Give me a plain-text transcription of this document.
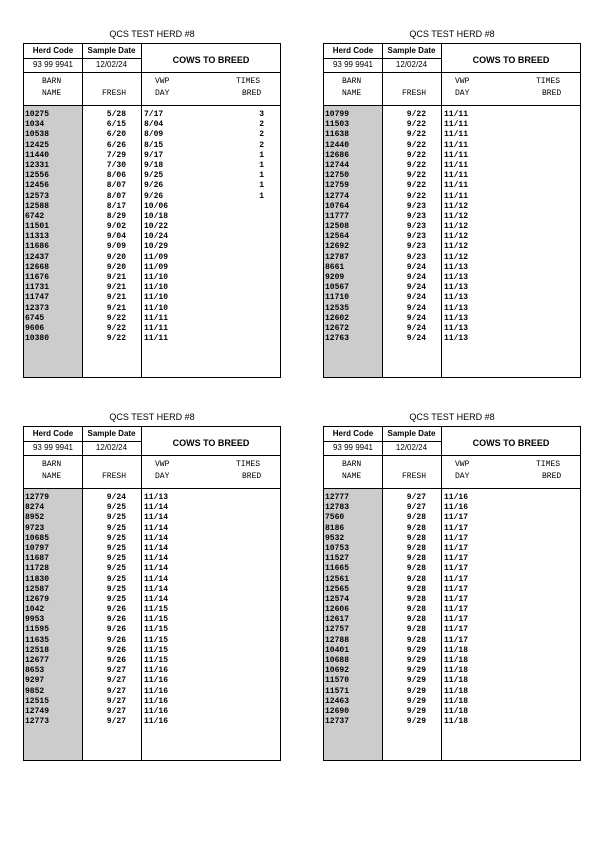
QCS TEST HERD #8
Herd Code	Sample Date
93 99 9941	12/02/24	COWS TO BREED
BARN
NAME	FRESH
VWP
DAY
TIMES
BRED
10275	5/28 7/17	3
1034	6/15 8/04	2
10538	6/20 8/09	2
12425	6/26 8/15	2
11440	7/29 9/17	1
12331	7/30 9/18	1
12556	8/06 9/25	1
12456	8/07 9/26	1
12573	8/07 9/26	1
12588	8/17 10/06
6742	8/29 10/18
11501	9/02 10/22
11313	9/04 10/24
11686	9/09 10/29
12437	9/20 11/09
12668	9/20 11/09
11676	9/21 11/10
11731	9/21 11/10
11747	9/21 11/10
12373	9/21 11/10
6745	9/22 11/11
9606	9/22 11/11
10380	9/22 11/11
QCS TEST HERD #8
Herd Code	Sample Date
93 99 9941	12/02/24	COWS TO BREED
BARN
NAME	FRESH
VWP
DAY
TIMES
BRED
10799	9/22 11/11
11503	9/22 11/11
11638	9/22 11/11
12440	9/22 11/11
12686	9/22 11/11
12744	9/22 11/11
12750	9/22 11/11
12759	9/22 11/11
12774	9/22 11/11
10764	9/23 11/12
11777	9/23 11/12
12508	9/23 11/12
12564	9/23 11/12
12692	9/23 11/12
12787	9/23 11/12
8661	9/24 11/13
9209	9/24 11/13
10567	9/24 11/13
11710	9/24 11/13
12535	9/24 11/13
12602	9/24 11/13
12672	9/24 11/13
12763	9/24 11/13
QCS TEST HERD #8
Herd Code	Sample Date
93 99 9941	12/02/24	COWS TO BREED
BARN
NAME	FRESH
VWP
DAY
TIMES
BRED
12779	9/24 11/13
8274	9/25 11/14
8952	9/25 11/14
9723	9/25 11/14
10685	9/25 11/14
10797	9/25 11/14
11687	9/25 11/14
11728	9/25 11/14
11830	9/25 11/14
12587	9/25 11/14
12679	9/25 11/14
1042	9/26 11/15
9953	9/26 11/15
11595	9/26 11/15
11635	9/26 11/15
12518	9/26 11/15
12677	9/26 11/15
8653	9/27 11/16
9297	9/27 11/16
9852	9/27 11/16
12515	9/27 11/16
12749	9/27 11/16
12773	9/27 11/16
QCS TEST HERD #8
Herd Code	Sample Date
93 99 9941	12/02/24	COWS TO BREED
BARN
NAME	FRESH
VWP
DAY
TIMES
BRED
12777	9/27 11/16
12783	9/27 11/16
7560	9/28 11/17
8186	9/28 11/17
9532	9/28 11/17
10753	9/28 11/17
11527	9/28 11/17
11665	9/28 11/17
12561	9/28 11/17
12565	9/28 11/17
12574	9/28 11/17
12606	9/28 11/17
12617	9/28 11/17
12757	9/28 11/17
12788	9/28 11/17
10401	9/29 11/18
10688	9/29 11/18
10692	9/29 11/18
11570	9/29 11/18
11571	9/29 11/18
12463	9/29 11/18
12690	9/29 11/18
12737	9/29 11/18
